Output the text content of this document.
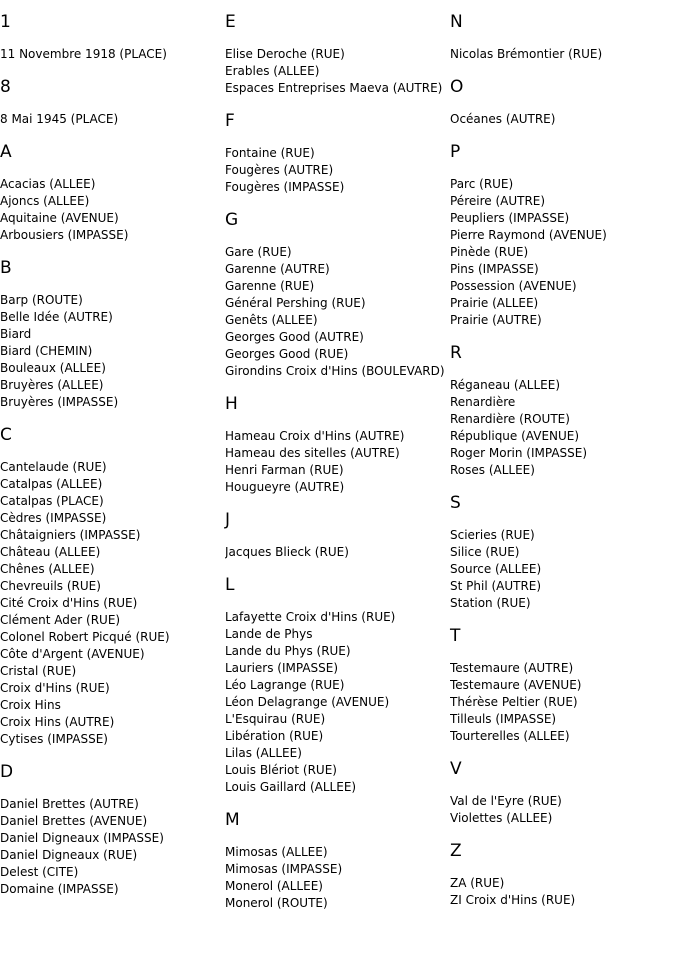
1
11 Novembre 1918 (PLACE)
8
8 Mai 1945 (PLACE)
A
Acacias (ALLEE)
Ajoncs (ALLEE)
Aquitaine (AVENUE)
Arbousiers (IMPASSE)
B
Barp (ROUTE)
Belle Idée (AUTRE)
Biard
Biard (CHEMIN)
Bouleaux (ALLEE)
Bruyères (ALLEE)
Bruyères (IMPASSE)
C
Cantelaude (RUE)
Catalpas (ALLEE)
Catalpas (PLACE)
Cèdres (IMPASSE)
Châtaigniers (IMPASSE)
Château (ALLEE)
Chênes (ALLEE)
Chevreuils (RUE)
Cité Croix d'Hins (RUE)
Clément Ader (RUE)
Colonel Robert Picqué (RUE)
Côte d'Argent (AVENUE)
Cristal (RUE)
Croix d'Hins (RUE)
Croix Hins
Croix Hins (AUTRE)
Cytises (IMPASSE)
D
Daniel Brettes (AUTRE)
Daniel Brettes (AVENUE)
Daniel Digneaux (IMPASSE)
Daniel Digneaux (RUE)
Delest (CITE)
Domaine (IMPASSE)
E
Elise Deroche (RUE)
Erables (ALLEE)
Espaces Entreprises Maeva (AUTRE)
F
Fontaine (RUE)
Fougères (AUTRE)
Fougères (IMPASSE)
G
Gare (RUE)
Garenne (AUTRE)
Garenne (RUE)
Général Pershing (RUE)
Genêts (ALLEE)
Georges Good (AUTRE)
Georges Good (RUE)
Girondins Croix d'Hins (BOULEVARD)
H
Hameau Croix d'Hins (AUTRE)
Hameau des sitelles (AUTRE)
Henri Farman (RUE)
Hougueyre (AUTRE)
J
Jacques Blieck (RUE)
L
Lafayette Croix d'Hins (RUE)
Lande de Phys
Lande du Phys (RUE)
Lauriers (IMPASSE)
Léo Lagrange (RUE)
Léon Delagrange (AVENUE)
L'Esquirau (RUE)
Libération (RUE)
Lilas (ALLEE)
Louis Blériot (RUE)
Louis Gaillard (ALLEE)
M
Mimosas (ALLEE)
Mimosas (IMPASSE)
Monerol (ALLEE)
Monerol (ROUTE)
N
Nicolas Brémontier (RUE)
O
Océanes (AUTRE)
P
Parc (RUE)
Péreire (AUTRE)
Peupliers (IMPASSE)
Pierre Raymond (AVENUE)
Pinède (RUE)
Pins (IMPASSE)
Possession (AVENUE)
Prairie (ALLEE)
Prairie (AUTRE)
R
Réganeau (ALLEE)
Renardière
Renardière (ROUTE)
République (AVENUE)
Roger Morin (IMPASSE)
Roses (ALLEE)
S
Scieries (RUE)
Silice (RUE)
Source (ALLEE)
St Phil (AUTRE)
Station (RUE)
T
Testemaure (AUTRE)
Testemaure (AVENUE)
Thérèse Peltier (RUE)
Tilleuls (IMPASSE)
Tourterelles (ALLEE)
V
Val de l'Eyre (RUE)
Violettes (ALLEE)
Z
ZA (RUE)
ZI Croix d'Hins (RUE)
